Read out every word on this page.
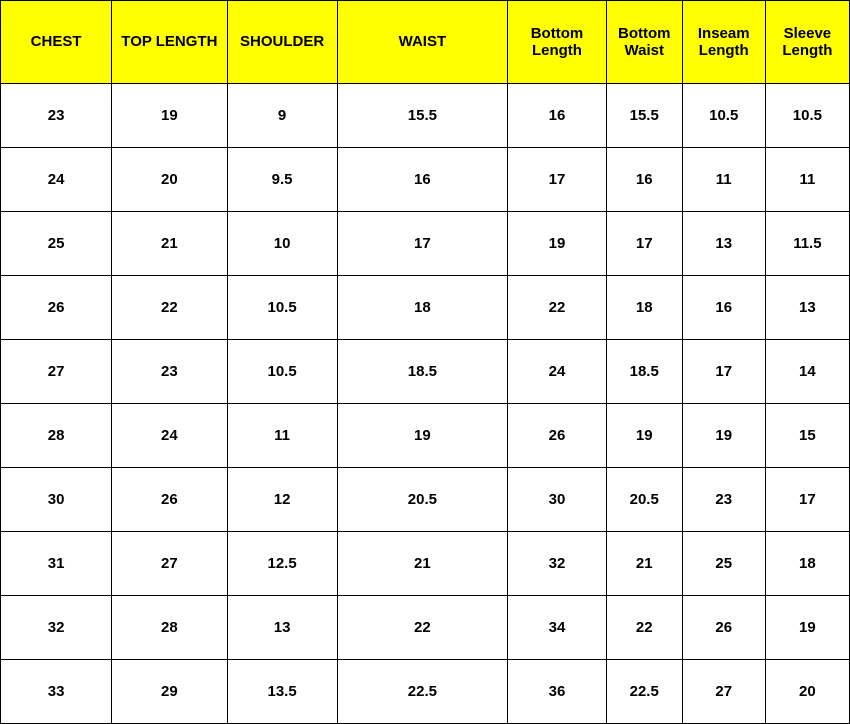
CHEST	TOP LENGTH	SHOULDER	WAIST	Bottom Length	Bottom Waist	Inseam Length	Sleeve Length
23	19	9	15.5	16	15.5	10.5	10.5
24	20	9.5	16	17	16	11	11
25	21	10	17	19	17	13	11.5
26	22	10.5	18	22	18	16	13
27	23	10.5	18.5	24	18.5	17	14
28	24	11	19	26	19	19	15
30	26	12	20.5	30	20.5	23	17
31	27	12.5	21	32	21	25	18
32	28	13	22	34	22	26	19
33	29	13.5	22.5	36	22.5	27	20
